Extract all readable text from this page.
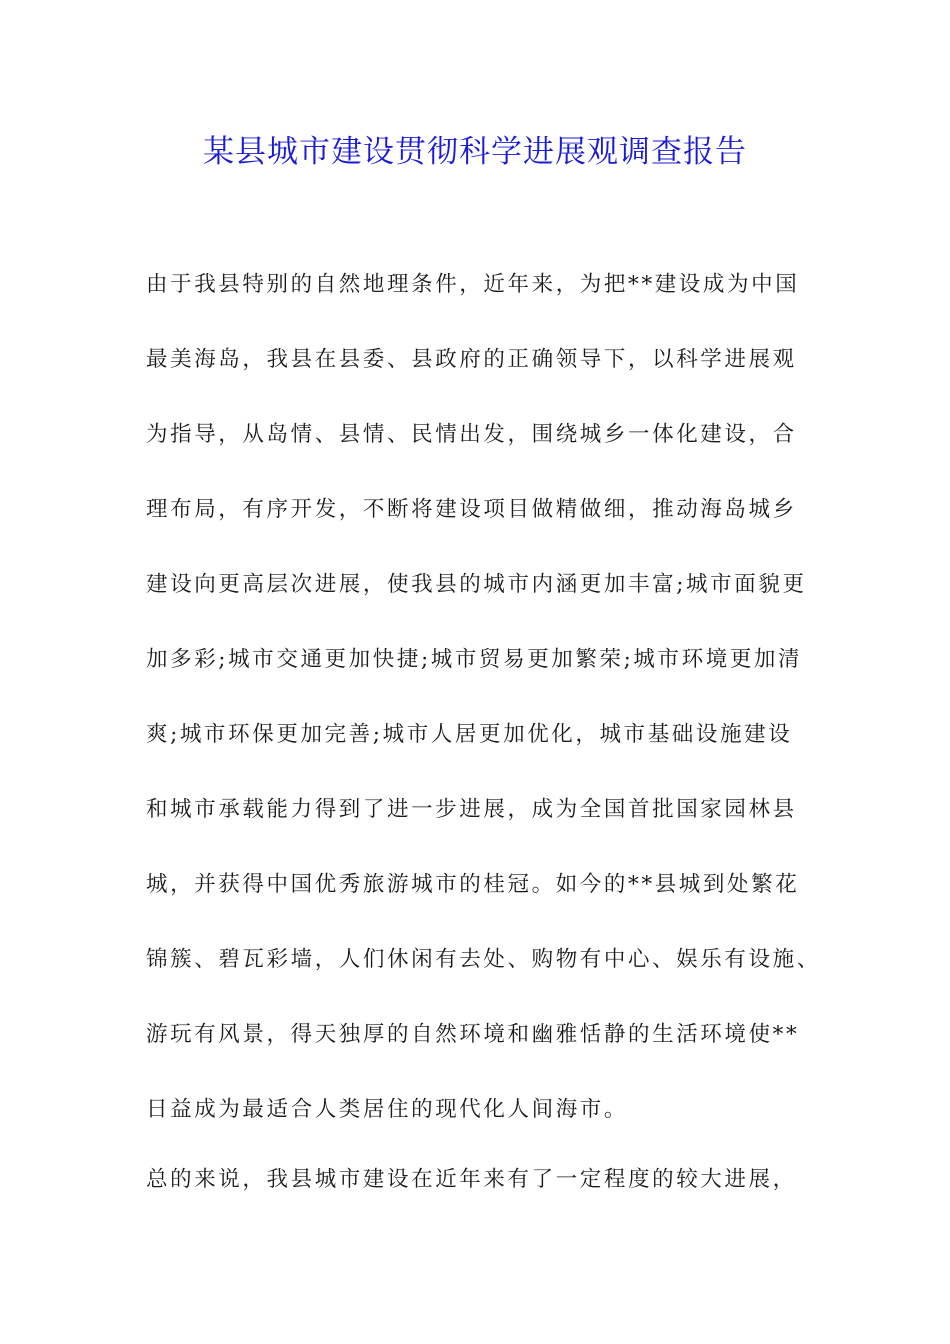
某县城市建设贯彻科学进展观调查报告
由于我县特别的自然地理条件，近年来，为把**建设成为中国
最美海岛，我县在县委、县政府的正确领导下，以科学进展观
为指导，从岛情、县情、民情出发，围绕城乡一体化建设，合
理布局，有序开发，不断将建设项目做精做细，推动海岛城乡
建设向更高层次进展，使我县的城市内涵更加丰富;城市面貌更
加多彩;城市交通更加快捷;城市贸易更加繁荣;城市环境更加清
爽;城市环保更加完善;城市人居更加优化，城市基础设施建设
和城市承载能力得到了进一步进展，成为全国首批国家园林县
城，并获得中国优秀旅游城市的桂冠。如今的**县城到处繁花
锦簇、碧瓦彩墙，人们休闲有去处、购物有中心、娱乐有设施、
游玩有风景，得天独厚的自然环境和幽雅恬静的生活环境使**
日益成为最适合人类居住的现代化人间海市。
总的来说，我县城市建设在近年来有了一定程度的较大进展，
